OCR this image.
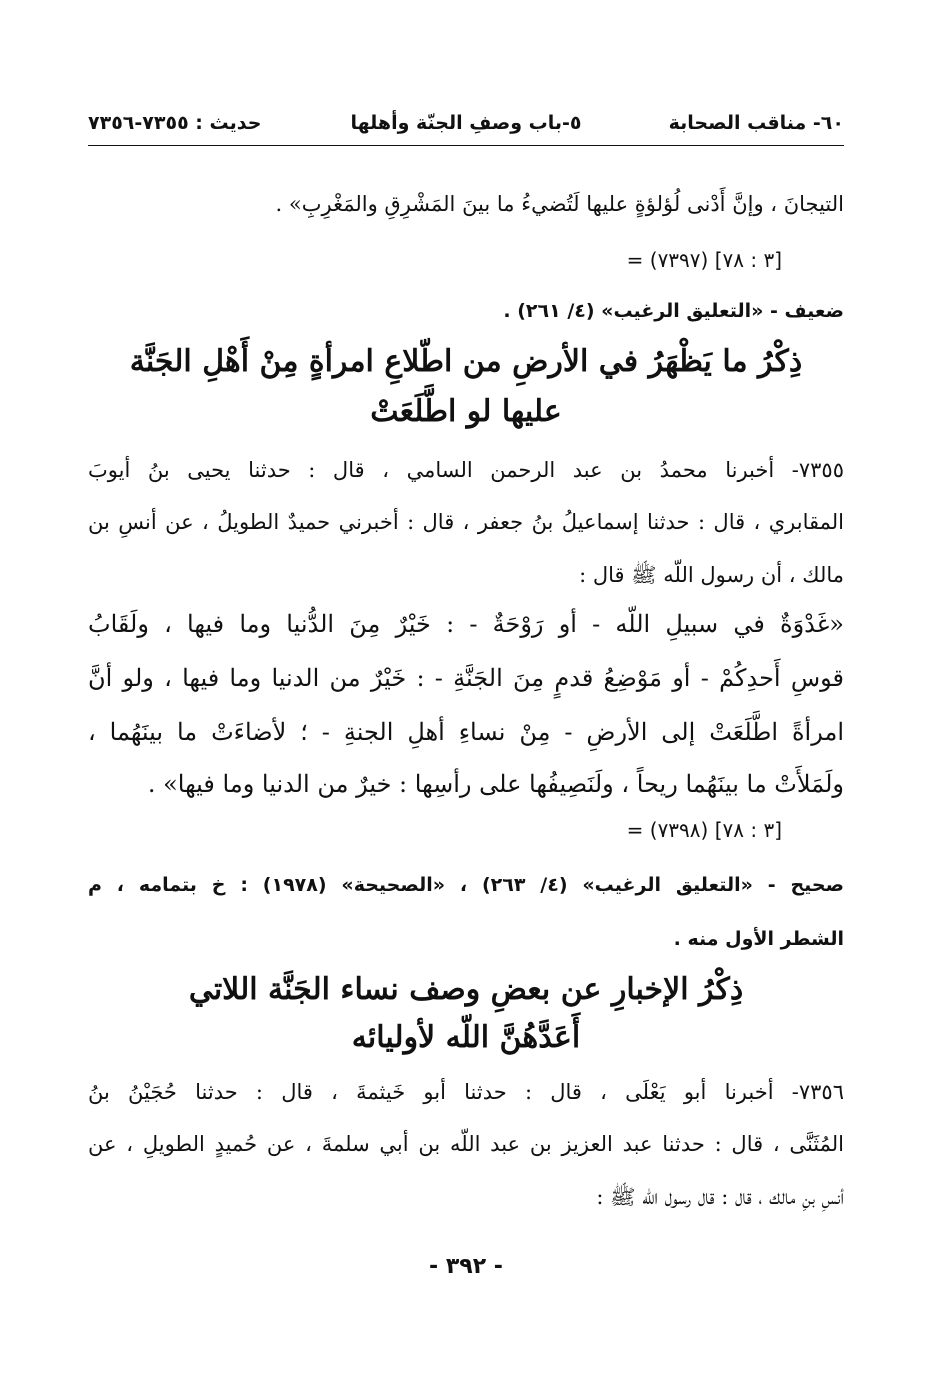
٦٠- مناقب الصحابة
٥-باب وصفِ الجنّة وأهلها
حديث : ٧٣٥٥-٧٣٥٦
التيجانَ ، وإنَّ أَدْنى لُؤلؤةٍ عليها لَتُضيءُ ما بينَ المَشْرِقِ والمَغْرِبِ» .
= (٧٣٩٧) [٣ : ٧٨]
ضعيف - «التعليق الرغيب» (٤/ ٢٦١) .
ذِكْرُ ما يَظْهَرُ في الأرضِ من اطّلاعِ امرأةٍ مِنْ أَهْلِ الجَنَّة
عليها لو اطَّلَعَتْ
٧٣٥٥- أخبرنا محمدُ بن عبد الرحمن السامي ، قال : حدثنا يحيى بنُ أيوبَ
المقابري ، قال : حدثنا إسماعيلُ بنُ جعفر ، قال : أخبرني حميدٌ الطويلُ ، عن أنسِ بن
مالك ، أن رسول اللّه ﷺ قال :
«غَدْوَةٌ في سبيلِ اللّه - أو رَوْحَةٌ - : خَيْرٌ مِنَ الدُّنيا وما فيها ، ولَقَابُ
قوسِ أَحدِكُمْ - أو مَوْضِعُ قدمٍ مِنَ الجَنَّةِ - : خَيْرٌ من الدنيا وما فيها ، ولو أنَّ
امرأةً اطَّلَعَتْ إلى الأرضِ - مِنْ نساءِ أهلِ الجنةِ - ؛ لأضاءَتْ ما بينَهُما ،
ولَمَلأَتْ ما بينَهُما ريحاً ، ولَنَصِيفُها على رأسِها : خيرٌ من الدنيا وما فيها» .
= (٧٣٩٨) [٣ : ٧٨]
صحيح - «التعليق الرغيب» (٤/ ٢٦٣) ، «الصحيحة» (١٩٧٨) : خ بتمامه ، م
الشطر الأول منه .
ذِكْرُ الإخبارِ عن بعضِ وصف نساء الجَنَّة اللاتي
أَعَدَّهُنَّ اللّه لأوليائه
٧٣٥٦- أخبرنا أبو يَعْلَى ، قال : حدثنا أبو خَيثمةَ ، قال : حدثنا حُجَيْنُ بنُ
المُثَنَّى ، قال : حدثنا عبد العزيز بن عبد اللّه بن أبي سلمةَ ، عن حُميدٍ الطويلِ ، عن
أنسِ بنِ مالك ، قال : قال رسول اللّه ﷺ :
- ٣٩٢ -
